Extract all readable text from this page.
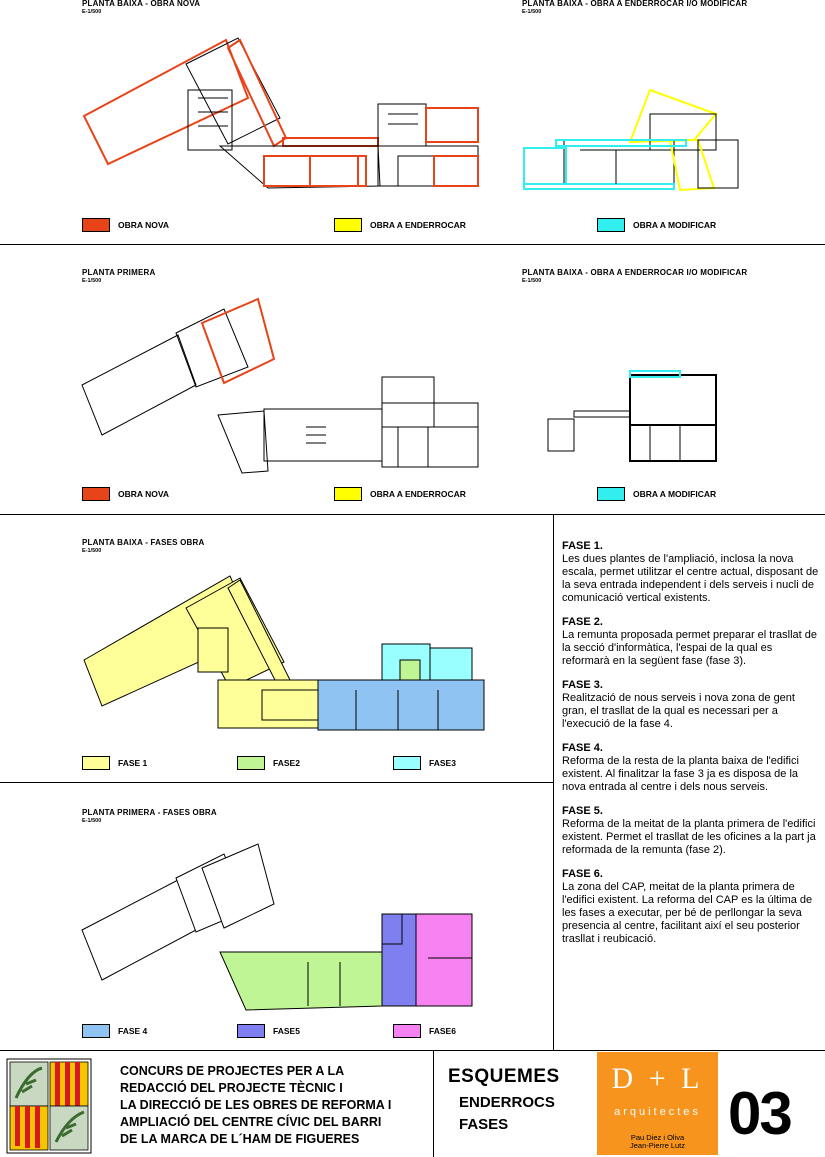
PLANTA BAIXA - OBRA NOVA
E-1/500
PLANTA BAIXA - OBRA A ENDERROCAR I/O MODIFICAR
E-1/500
OBRA NOVA	OBRA A ENDERROCAR	OBRA A MODIFICAR
PLANTA PRIMERA
E-1/500
PLANTA BAIXA - OBRA A ENDERROCAR I/O MODIFICAR
E-1/500
OBRA NOVA	OBRA A ENDERROCAR	OBRA A MODIFICAR
PLANTA BAIXA - FASES OBRA
E-1/500
FASE 1	FASE2	FASE3
PLANTA PRIMERA - FASES OBRA
E-1/500
FASE 4	FASE5	FASE6
FASE 1.
Les dues plantes de l'ampliació, inclosa la nova escala, permet utilitzar el centre actual, disposant de la seva entrada independent i dels serveis i nucli de comunicació vertical existents.
FASE 2.
La remunta proposada permet preparar el trasllat de la secció d'informàtica, l'espai de la qual es reformarà en la següent fase (fase 3).
FASE 3.
Realització de nous serveis i nova zona de gent gran, el trasllat de la qual es necessari per a l'execució de la fase 4.
FASE 4.
Reforma de la resta de la planta baixa de l'edifici existent. Al finalitzar la fase 3 ja es disposa de la nova entrada al centre i dels nous serveis.
FASE 5.
Reforma de la meitat de la planta primera de l'edifici existent. Permet el trasllat de les oficines a la part ja reformada de la remunta (fase 2).
FASE 6.
La zona del CAP, meitat de la planta primera de l'edifici existent. La reforma del CAP es la última de les fases a executar, per bé de perllongar la seva presencia al centre, facilitant així el seu posterior trasllat i reubicació.
CONCURS DE PROJECTES PER A LA
REDACCIÓ DEL PROJECTE TÈCNIC I
LA DIRECCIÓ DE LES OBRES DE REFORMA I
AMPLIACIÓ DEL CENTRE CÍVIC DEL BARRI
DE LA MARCA DE L´HAM DE FIGUERES
ESQUEMES
ENDERROCS
FASES
D + L
arquitectes
Pau Diez i Oliva
Jean-Pierre Lutz 03
